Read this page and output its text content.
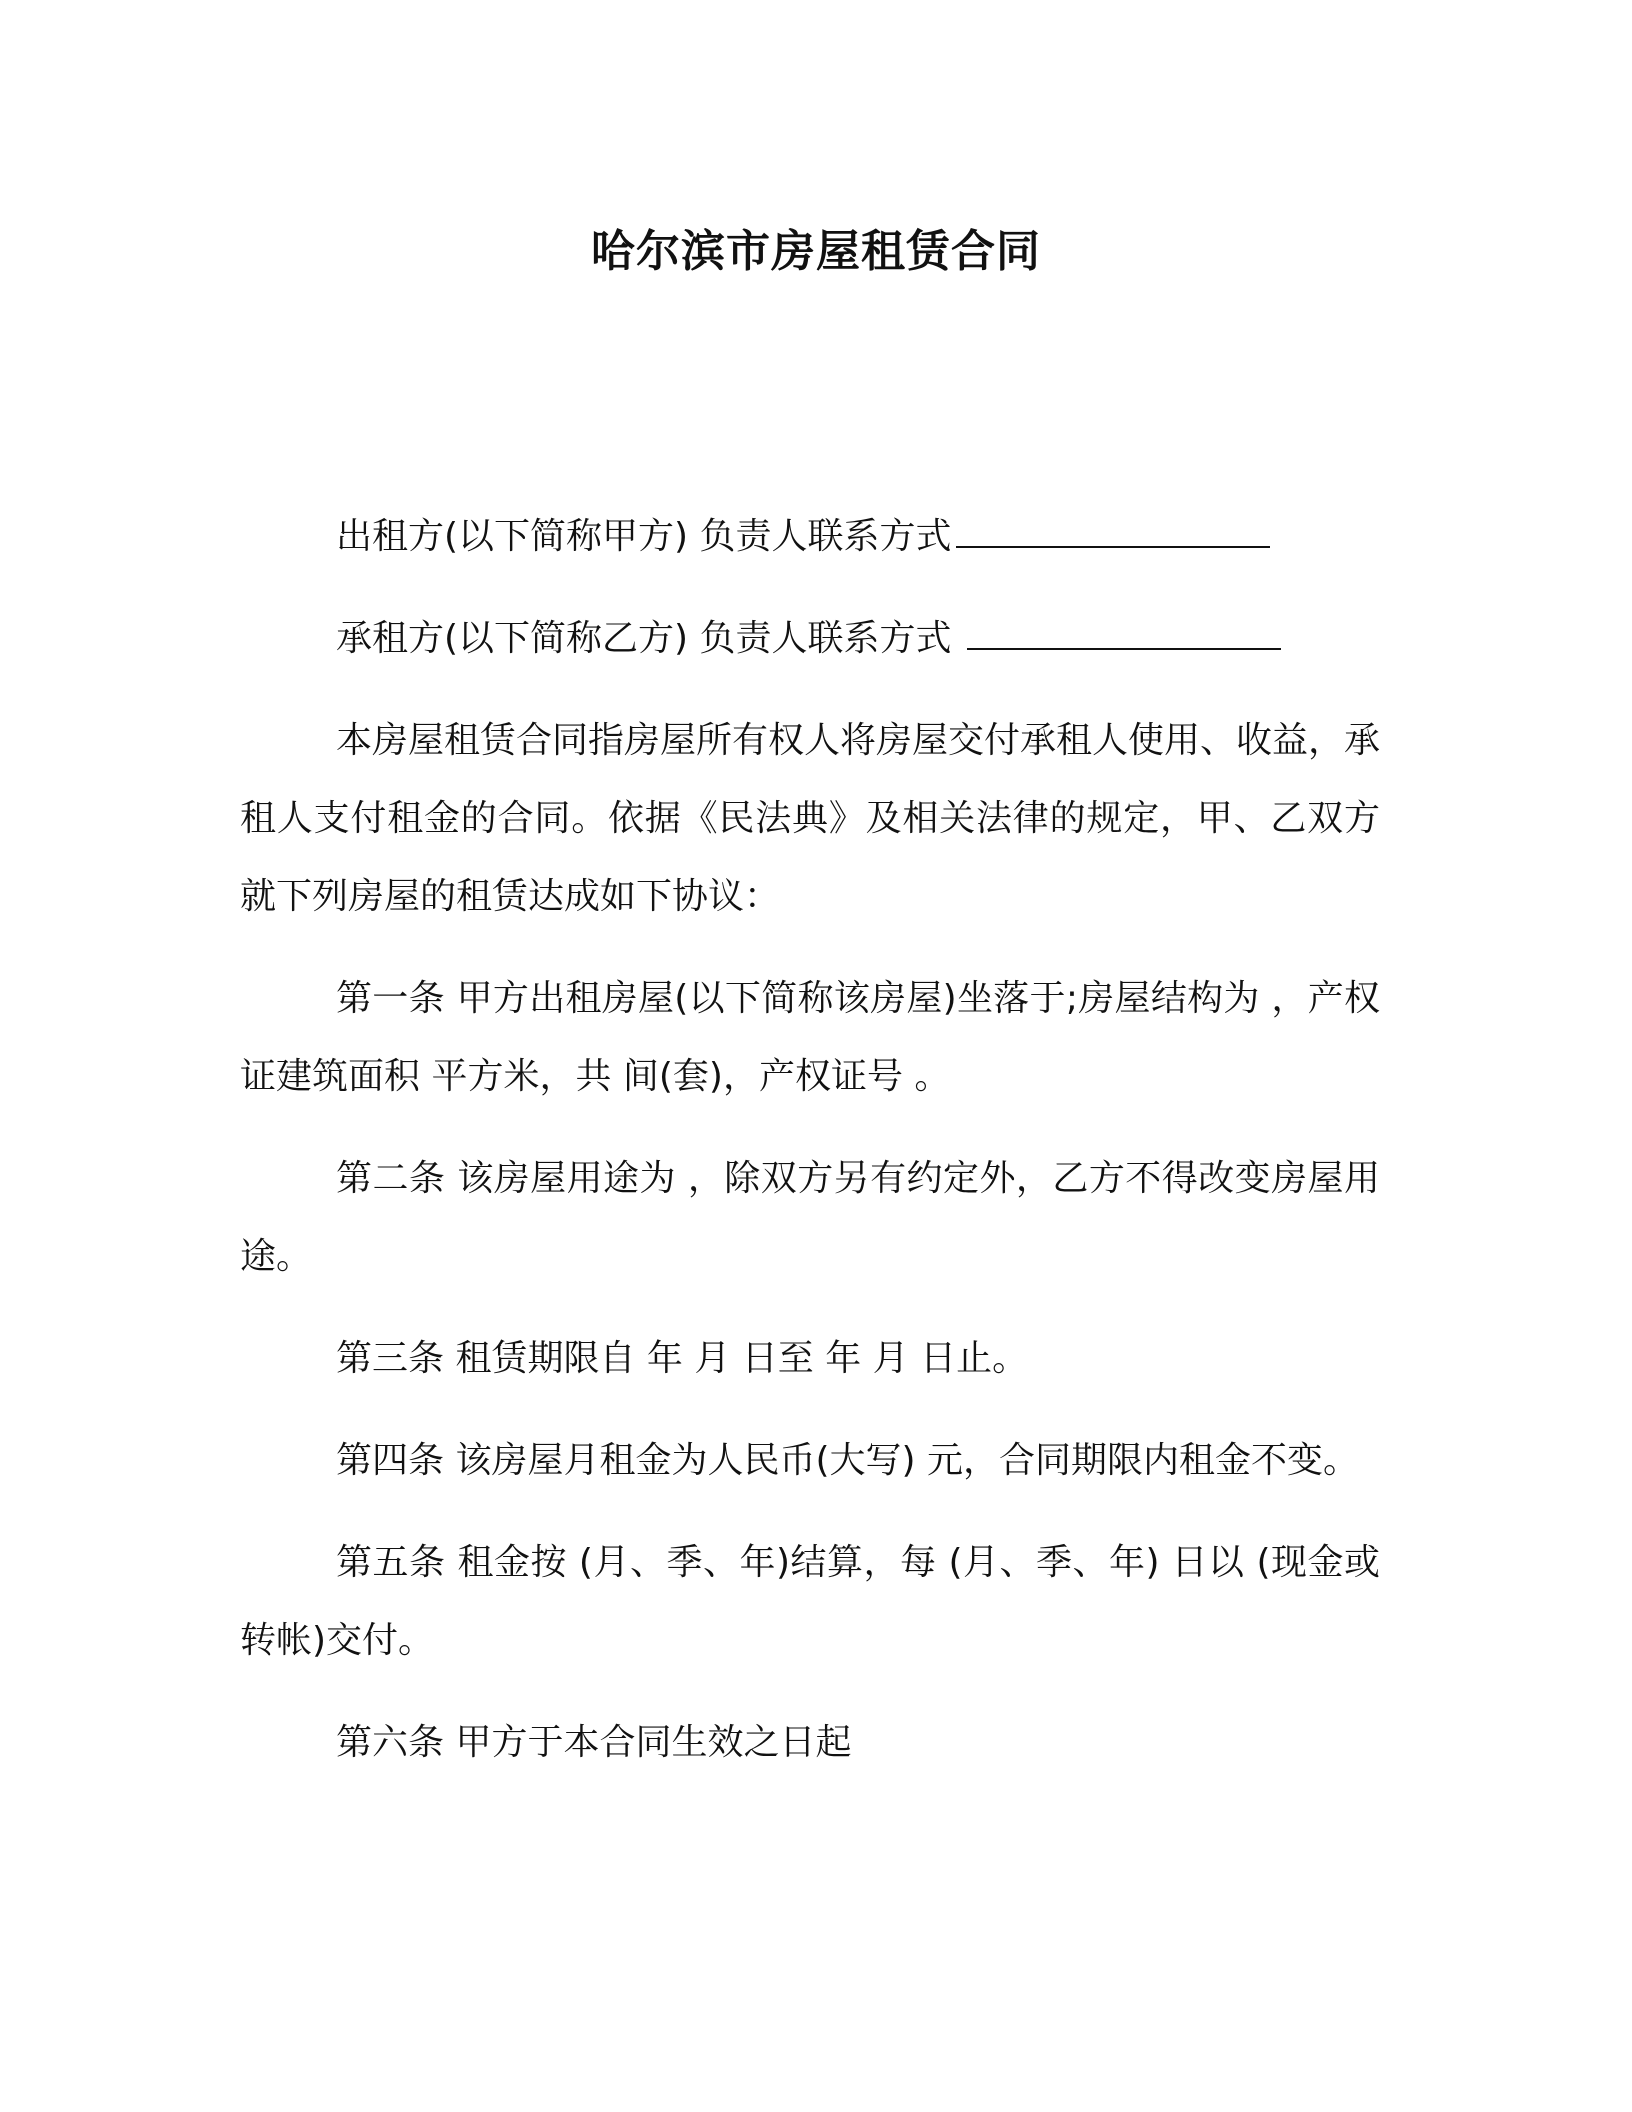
哈尔滨市房屋租赁合同

出租方(以下简称甲方) 负责人联系方式

承租方(以下简称乙方) 负责人联系方式

本房屋租赁合同指房屋所有权人将房屋交付承租人使用、收益，承租人支付租金的合同。依据《民法典》及相关法律的规定，甲、乙双方就下列房屋的租赁达成如下协议：

第一条 甲方出租房屋(以下简称该房屋)坐落于;房屋结构为 ，产权证建筑面积 平方米，共 间(套)，产权证号 。

第二条 该房屋用途为 ，除双方另有约定外，乙方不得改变房屋用途。

第三条 租赁期限自 年 月 日至 年 月 日止。

第四条 该房屋月租金为人民币(大写) 元，合同期限内租金不变。

第五条 租金按 (月、季、年)结算，每 (月、季、年) 日以 (现金或转帐)交付。

第六条 甲方于本合同生效之日起
